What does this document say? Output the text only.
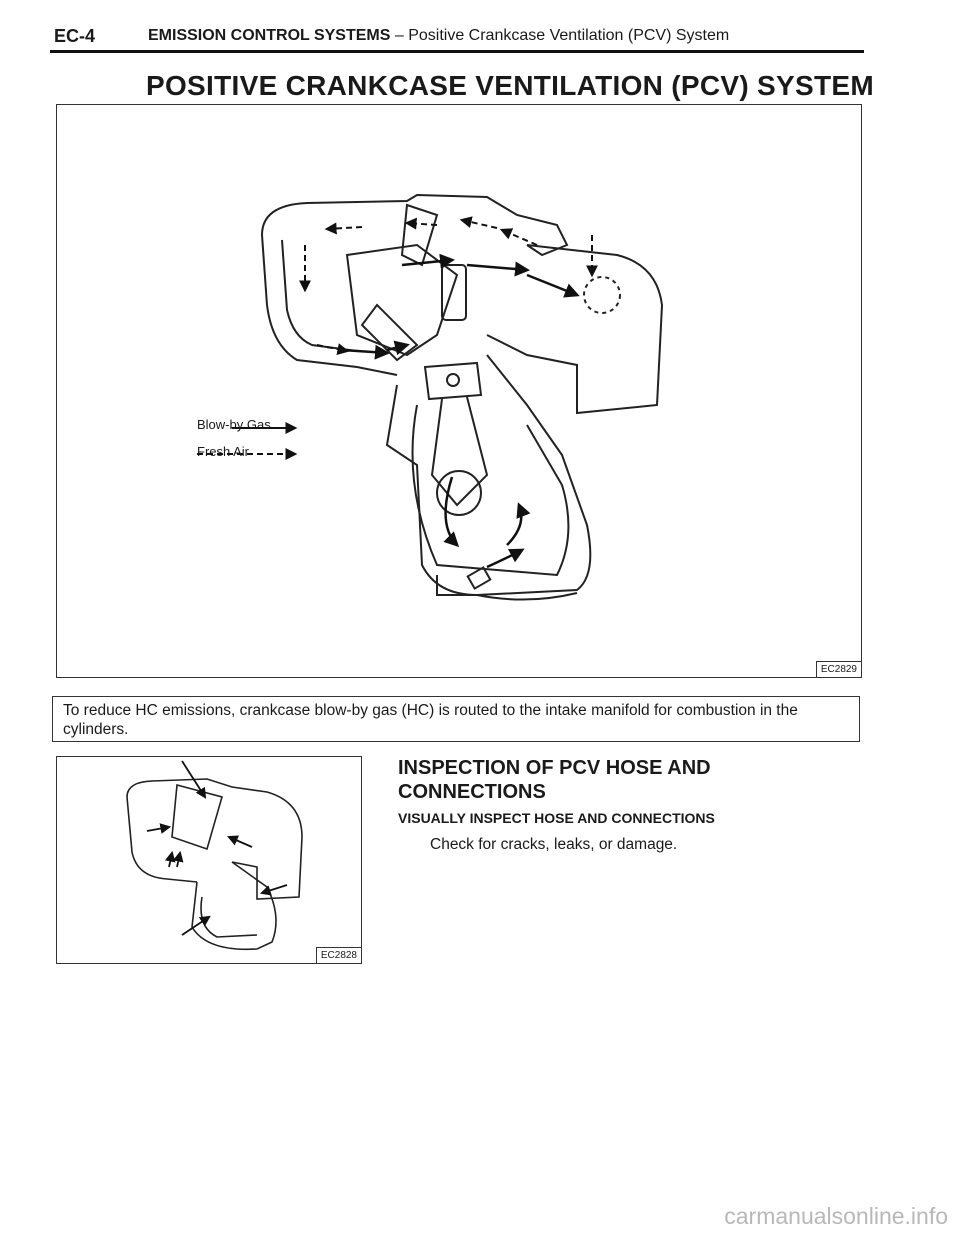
EC-4	EMISSION CONTROL SYSTEMS – Positive Crankcase Ventilation (PCV) System
POSITIVE CRANKCASE VENTILATION (PCV) SYSTEM
Blow-by Gas
Fresh Air
EC2829
To reduce HC emissions, crankcase blow-by gas (HC) is routed to the intake manifold for combustion in the cylinders.
EC2828
INSPECTION OF PCV HOSE AND CONNECTIONS
VISUALLY INSPECT HOSE AND CONNECTIONS
Check for cracks, leaks, or damage.
carmanualsonline.info
